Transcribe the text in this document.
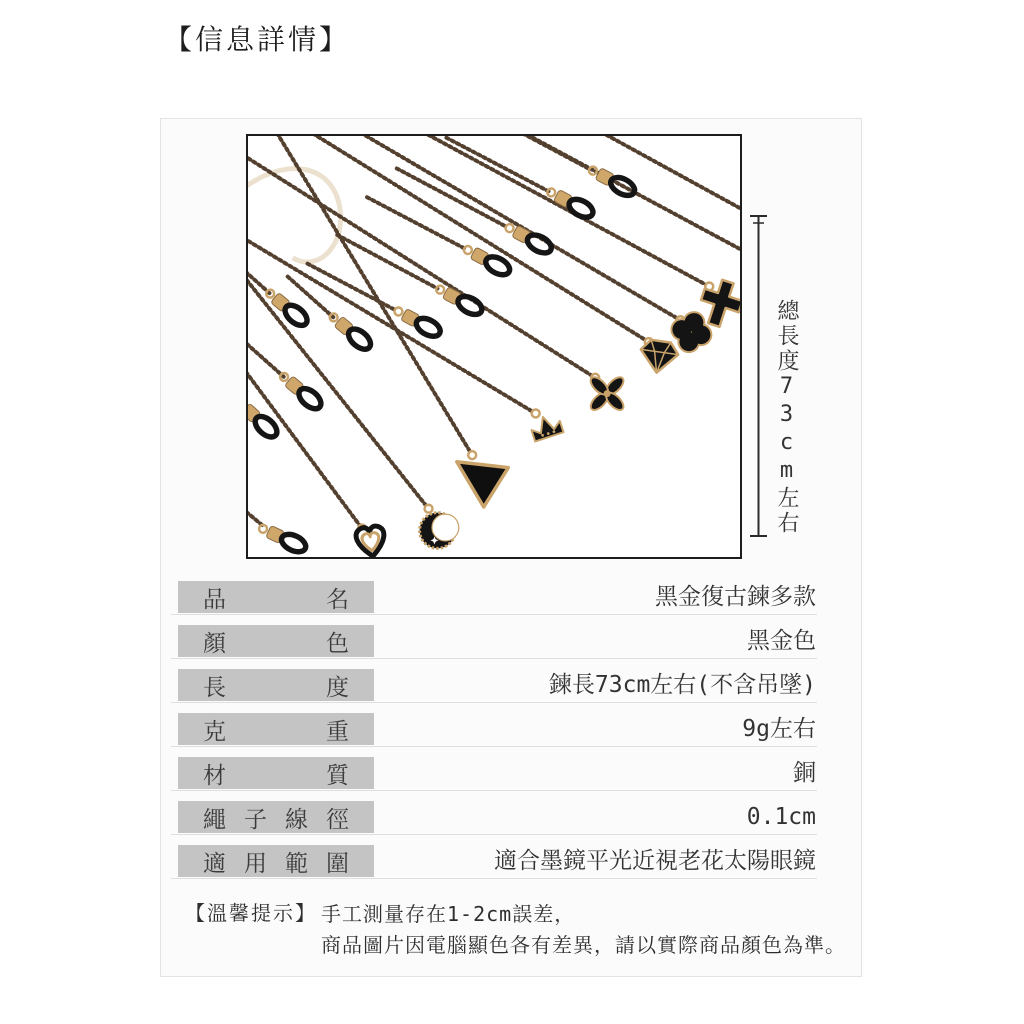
【信息詳情】
總長度73cm左右
品	名	黑金復古鍊多款
顏	色	黑金色
長	度	鍊長73cm左右(不含吊墜)
克	重	9g左右
材	質	銅
繩 子 線 徑	0.1cm
適 用 範 圍	適合墨鏡平光近視老花太陽眼鏡
【溫馨提示】 手工測量存在1-2cm誤差，
商品圖片因電腦顯色各有差異，請以實際商品顏色為準。
